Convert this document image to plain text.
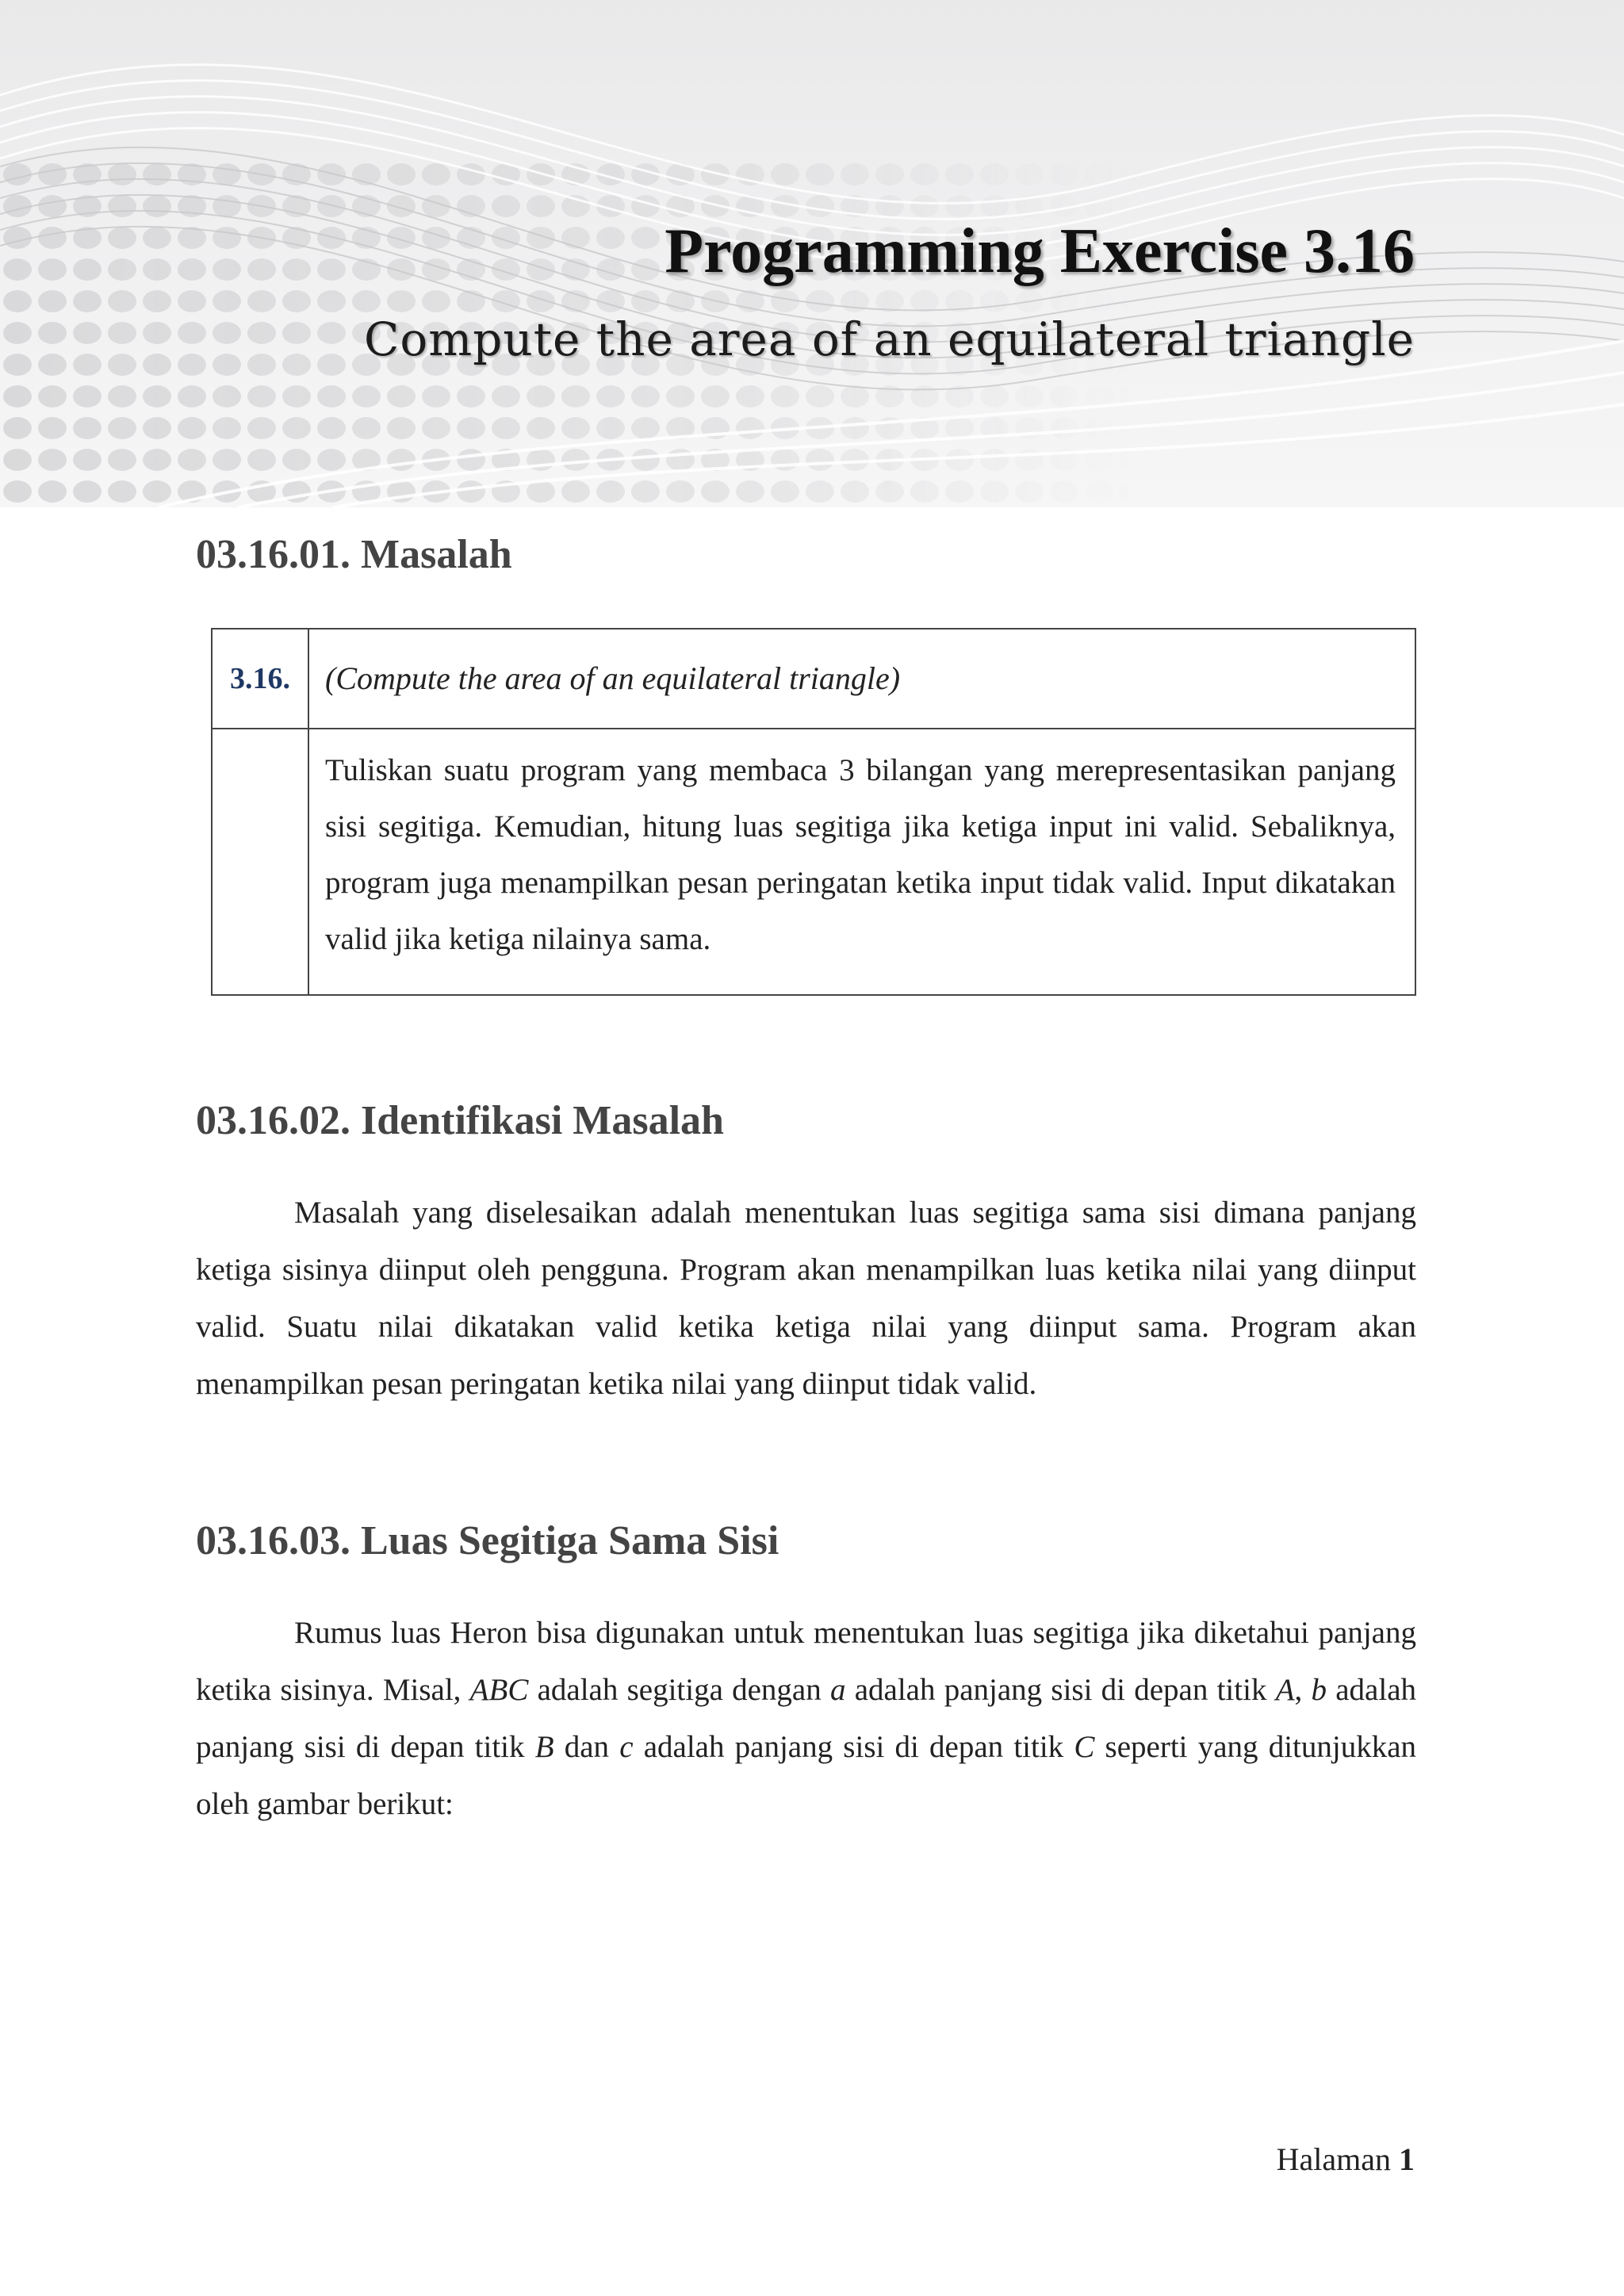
Programming Exercise 3.16
Compute the area of an equilateral triangle
03.16.01. Masalah
3.16.	(Compute the area of an equilateral triangle)

Tuliskan suatu program yang membaca 3 bilangan yang merepresentasikan panjang sisi segitiga. Kemudian, hitung luas segitiga jika ketiga input ini valid. Sebaliknya, program juga menampilkan pesan peringatan ketika input tidak valid. Input dikatakan valid jika ketiga nilainya sama.

03.16.02. Identifikasi Masalah

Masalah yang diselesaikan adalah menentukan luas segitiga sama sisi dimana panjang ketiga sisinya diinput oleh pengguna. Program akan menampilkan luas ketika nilai yang diinput valid. Suatu nilai dikatakan valid ketika ketiga nilai yang diinput sama. Program akan menampilkan pesan peringatan ketika nilai yang diinput tidak valid.

03.16.03. Luas Segitiga Sama Sisi

Rumus luas Heron bisa digunakan untuk menentukan luas segitiga jika diketahui panjang ketika sisinya. Misal, ABC adalah segitiga dengan a adalah panjang sisi di depan titik A, b adalah panjang sisi di depan titik B dan c adalah panjang sisi di depan titik C seperti yang ditunjukkan oleh gambar berikut:

Halaman 1
